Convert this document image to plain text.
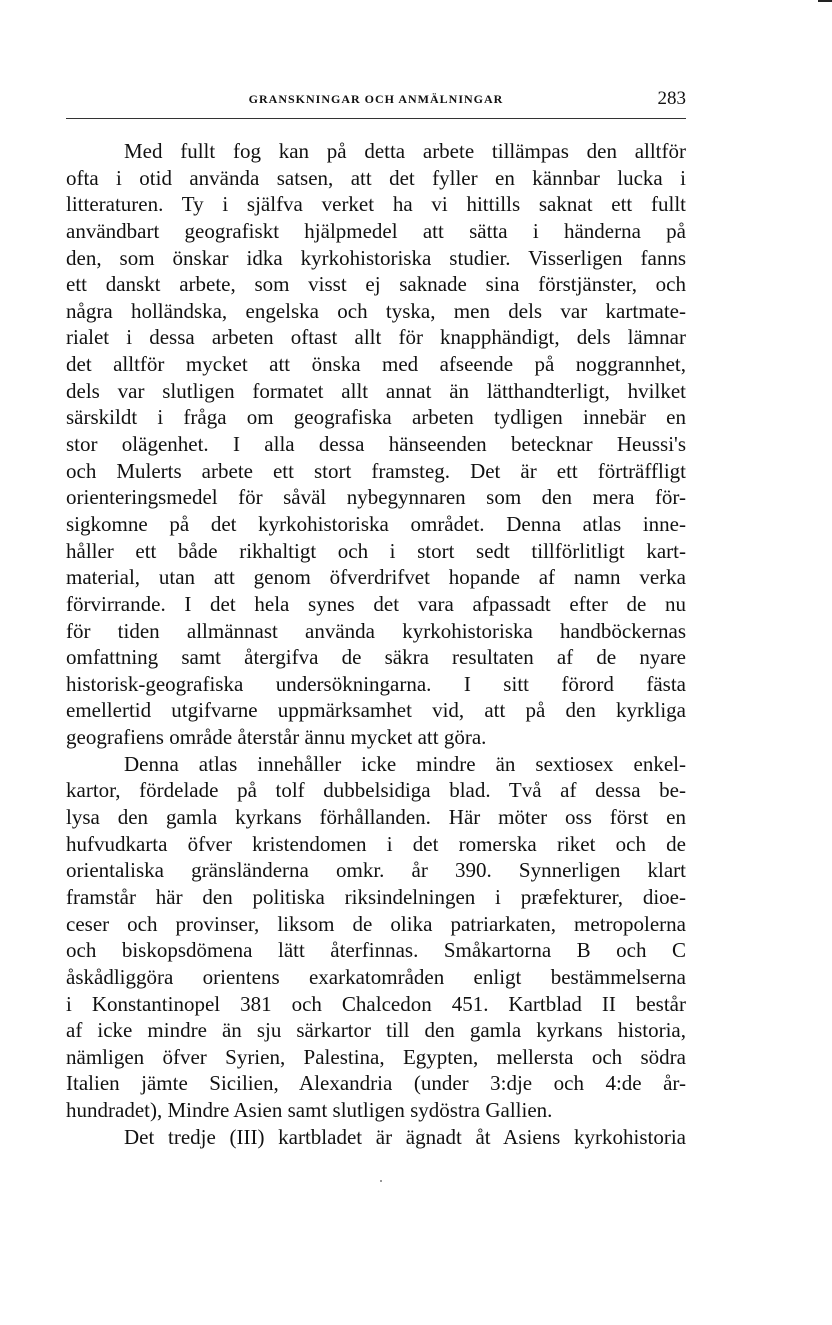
GRANSKNINGAR OCH ANMÄLNINGAR	283
Med fullt fog kan på detta arbete tillämpas den alltför
ofta i otid använda satsen, att det fyller en kännbar lucka i
litteraturen. Ty i själfva verket ha vi hittills saknat ett fullt
användbart geografiskt hjälpmedel att sätta i händerna på
den, som önskar idka kyrkohistoriska studier. Visserligen fanns
ett danskt arbete, som visst ej saknade sina förstjänster, och
några holländska, engelska och tyska, men dels var kartmate-
rialet i dessa arbeten oftast allt för knapphändigt, dels lämnar
det alltför mycket att önska med afseende på noggrannhet,
dels var slutligen formatet allt annat än lätthandterligt, hvilket
särskildt i fråga om geografiska arbeten tydligen innebär en
stor olägenhet. I alla dessa hänseenden betecknar Heussi's
och Mulerts arbete ett stort framsteg. Det är ett förträffligt
orienteringsmedel för såväl nybegynnaren som den mera för-
sigkomne på det kyrkohistoriska området. Denna atlas inne-
håller ett både rikhaltigt och i stort sedt tillförlitligt kart-
material, utan att genom öfverdrifvet hopande af namn verka
förvirrande. I det hela synes det vara afpassadt efter de nu
för tiden allmännast använda kyrkohistoriska handböckernas
omfattning samt återgifva de säkra resultaten af de nyare
historisk-geografiska undersökningarna. I sitt förord fästa
emellertid utgifvarne uppmärksamhet vid, att på den kyrkliga
geografiens område återstår ännu mycket att göra.
Denna atlas innehåller icke mindre än sextiosex enkel-
kartor, fördelade på tolf dubbelsidiga blad. Två af dessa be-
lysa den gamla kyrkans förhållanden. Här möter oss först en
hufvudkarta öfver kristendomen i det romerska riket och de
orientaliska gränsländerna omkr. år 390. Synnerligen klart
framstår här den politiska riksindelningen i præfekturer, dioe-
ceser och provinser, liksom de olika patriarkaten, metropolerna
och biskopsdömena lätt återfinnas. Småkartorna B och C
åskådliggöra orientens exarkatområden enligt bestämmelserna
i Konstantinopel 381 och Chalcedon 451. Kartblad II består
af icke mindre än sju särkartor till den gamla kyrkans historia,
nämligen öfver Syrien, Palestina, Egypten, mellersta och södra
Italien jämte Sicilien, Alexandria (under 3:dje och 4:de år-
hundradet), Mindre Asien samt slutligen sydöstra Gallien.
Det tredje (III) kartbladet är ägnadt åt Asiens kyrkohistoria
